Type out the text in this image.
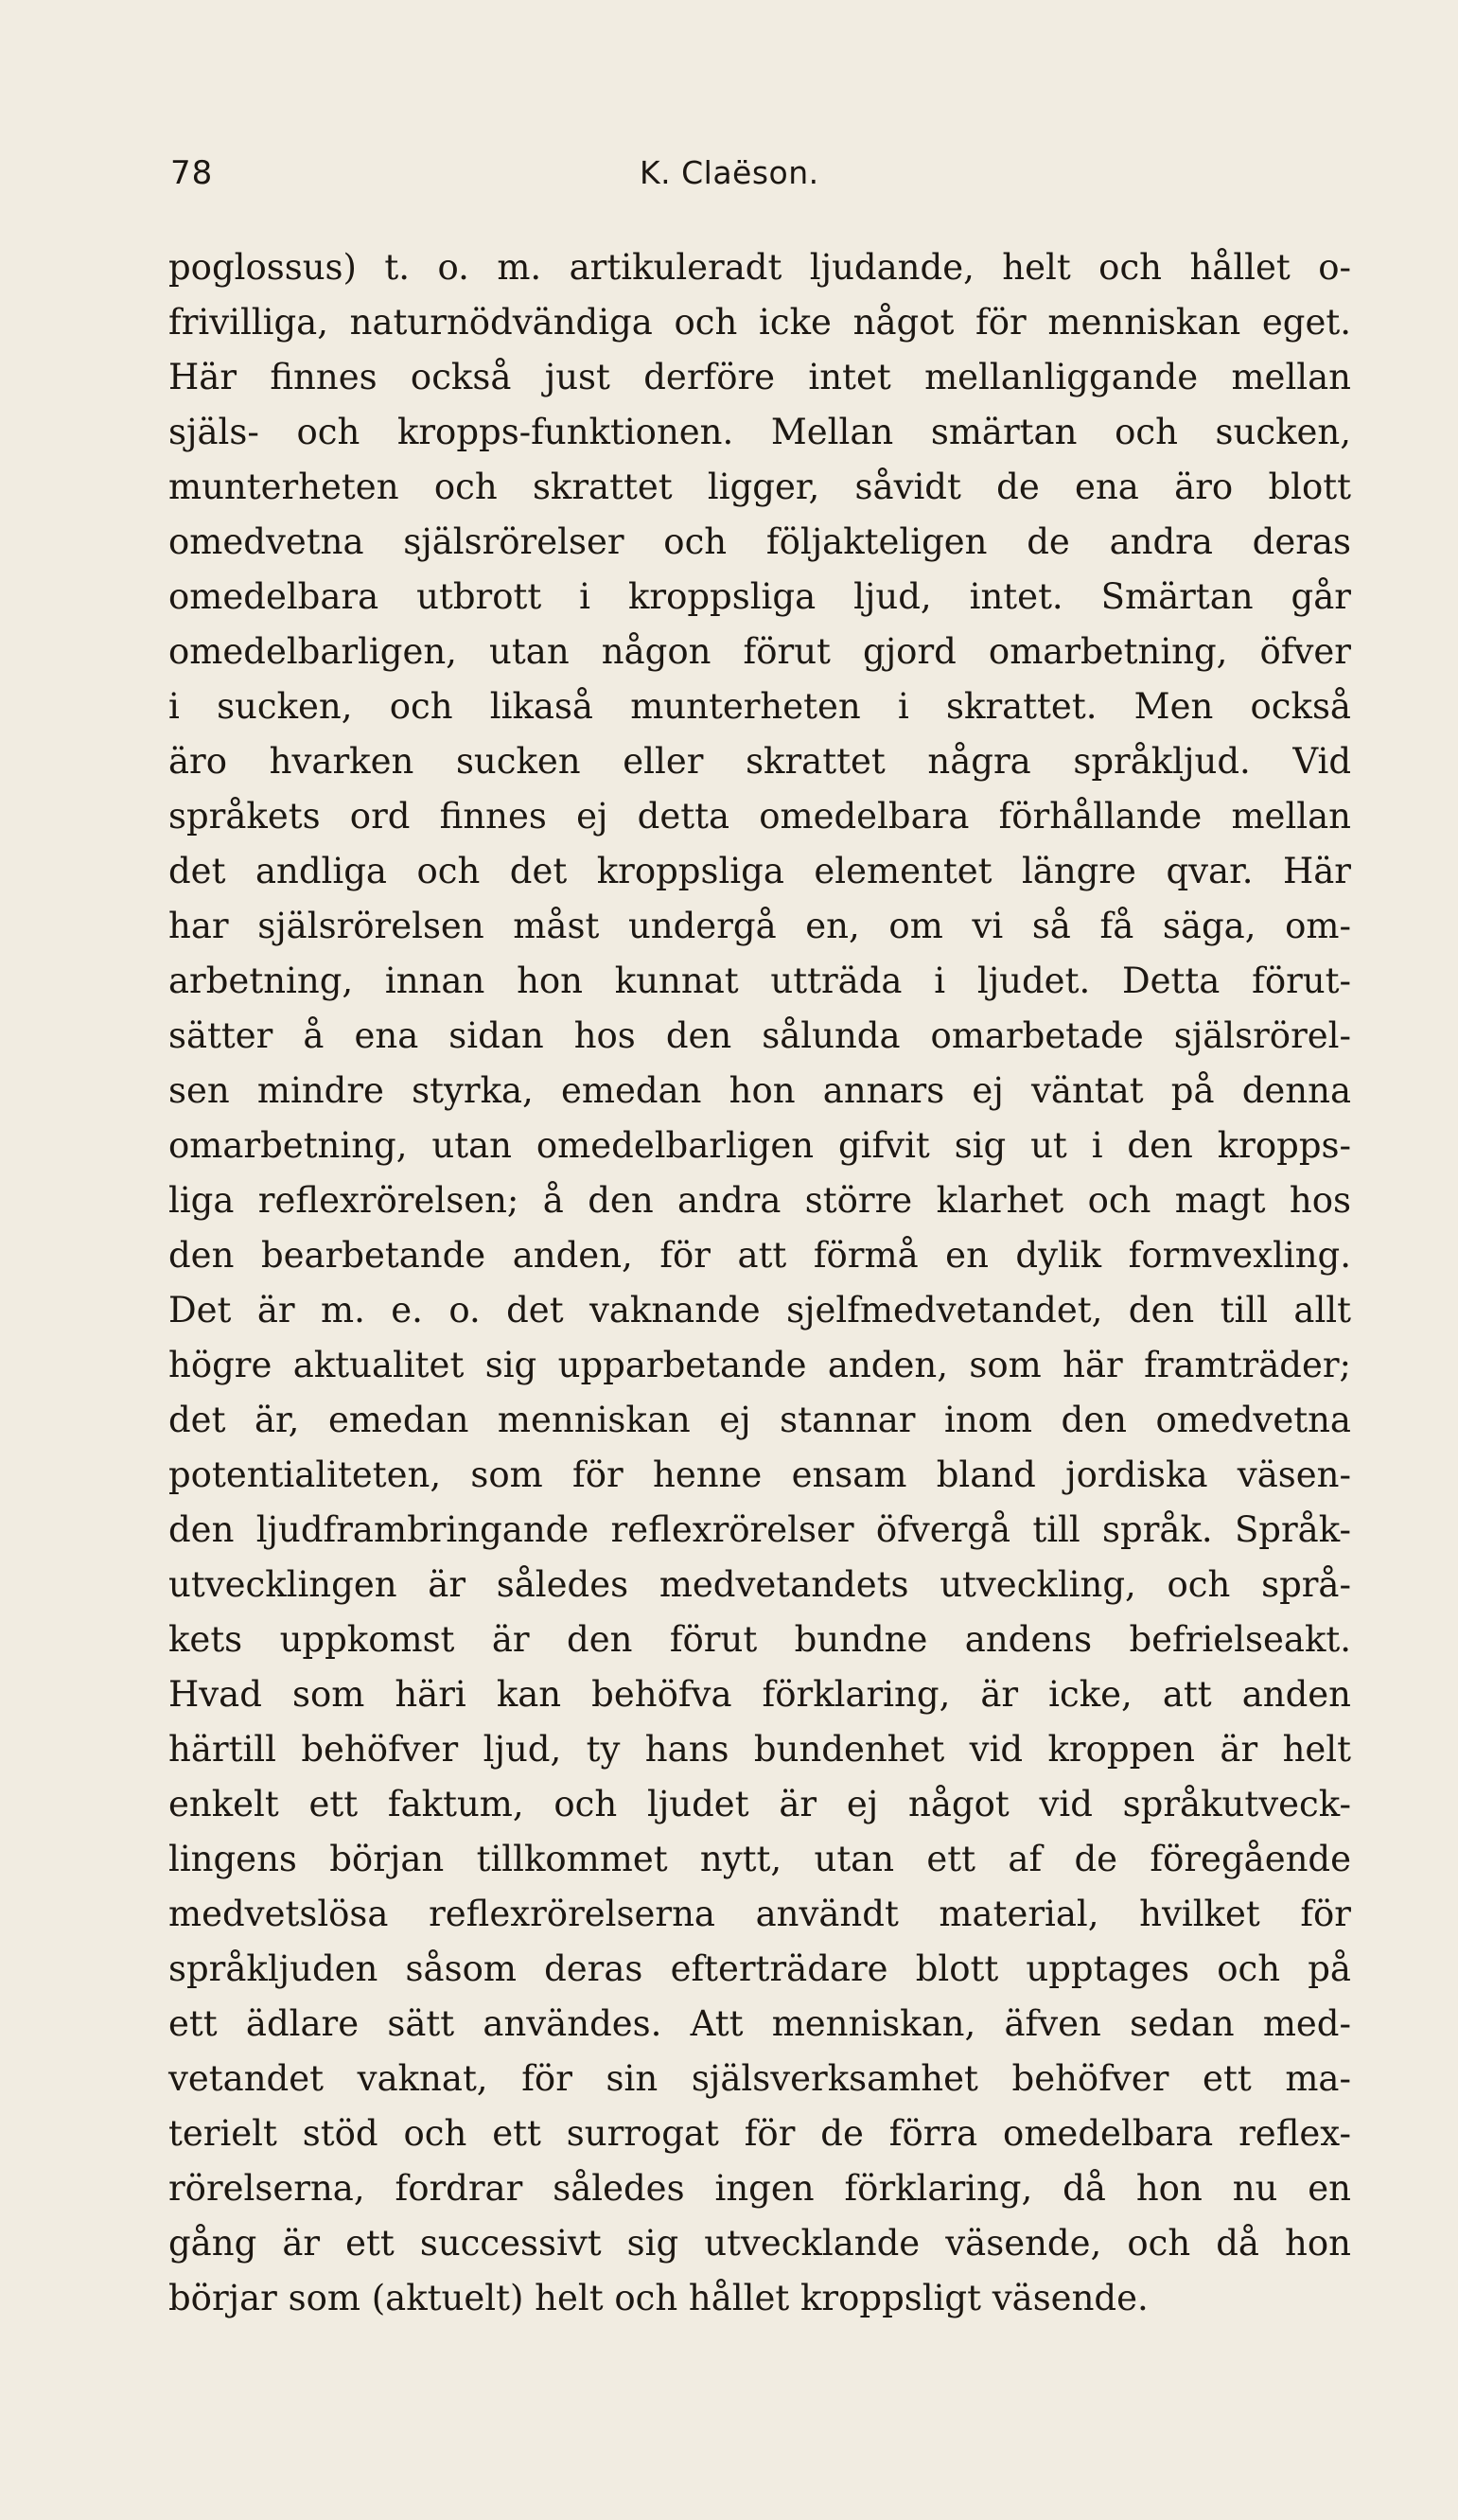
78	K. Claëson.
poglossus) t. o. m. artikuleradt ljudande, helt och hållet o-
frivilliga, naturnödvändiga och icke något för menniskan eget.
Här finnes också just derföre intet mellanliggande mellan
själs- och kropps-funktionen. Mellan smärtan och sucken,
munterheten och skrattet ligger, såvidt de ena äro blott
omedvetna själsrörelser och följakteligen de andra deras
omedelbara utbrott i kroppsliga ljud, intet. Smärtan går
omedelbarligen, utan någon förut gjord omarbetning, öfver
i sucken, och likaså munterheten i skrattet. Men också
äro hvarken sucken eller skrattet några språkljud. Vid
språkets ord finnes ej detta omedelbara förhållande mellan
det andliga och det kroppsliga elementet längre qvar. Här
har själsrörelsen måst undergå en, om vi så få säga, om-
arbetning, innan hon kunnat utträda i ljudet. Detta förut-
sätter å ena sidan hos den sålunda omarbetade själsrörel-
sen mindre styrka, emedan hon annars ej väntat på denna
omarbetning, utan omedelbarligen gifvit sig ut i den kropps-
liga reflexrörelsen; å den andra större klarhet och magt hos
den bearbetande anden, för att förmå en dylik formvexling.
Det är m. e. o. det vaknande sjelfmedvetandet, den till allt
högre aktualitet sig upparbetande anden, som här framträder;
det är, emedan menniskan ej stannar inom den omedvetna
potentialiteten, som för henne ensam bland jordiska väsen-
den ljudframbringande reflexrörelser öfvergå till språk. Språk-
utvecklingen är således medvetandets utveckling, och språ-
kets uppkomst är den förut bundne andens befrielseakt.
Hvad som häri kan behöfva förklaring, är icke, att anden
härtill behöfver ljud, ty hans bundenhet vid kroppen är helt
enkelt ett faktum, och ljudet är ej något vid språkutveck-
lingens början tillkommet nytt, utan ett af de föregående
medvetslösa reflexrörelserna användt material, hvilket för
språkljuden såsom deras efterträdare blott upptages och på
ett ädlare sätt användes. Att menniskan, äfven sedan med-
vetandet vaknat, för sin själsverksamhet behöfver ett ma-
terielt stöd och ett surrogat för de förra omedelbara reflex-
rörelserna, fordrar således ingen förklaring, då hon nu en
gång är ett successivt sig utvecklande väsende, och då hon
börjar som (aktuelt) helt och hållet kroppsligt väsende.
